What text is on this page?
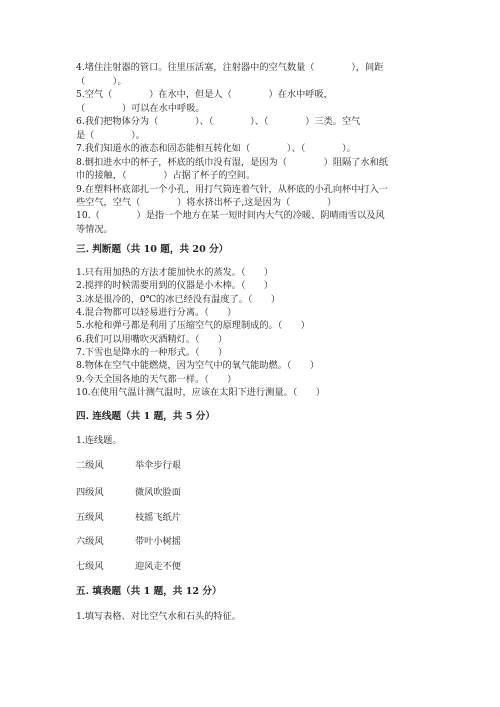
4.堵住注射器的管口。往里压活塞，注射器中的空气数量（　　　　），间距
（　　　）。
5.空气（　　　　）在水中，但是人（　　　　）在水中呼吸，
（　　　　）可以在水中呼吸。
6.我们把物体分为（　　　　）、（　　　　）、（　　　　）三类。空气
是（　　　　）。
7.我们知道水的液态和固态能相互转化如（　　　　）、（　　　　）。
8.倒扣进水中的杯子，杯底的纸巾没有湿，是因为（　　　　）阻隔了水和纸
巾的接触，（　　　　）占据了杯子的空间。
9.在塑料杯底部扎一个小孔，用打气筒连着气针，从杯底的小孔向杯中打入一
些空气，空气（　　　　）将水挤出杯子,这是因为（　　　　）
10.（　　　　）是指一个地方在某一短时间内大气的冷暖、阴晴雨雪以及风
等情况。
三. 判断题（共 10 题，共 20 分）
1.只有用加热的方法才能加快水的蒸发。（　　）
2.搅拌的时候需要用到的仪器是小木棒。（　　）
3.冰是很冷的，0℃的冰已经没有温度了。（　　）
4.混合物都可以轻易进行分离。（　　）
5.水枪和弹弓都是利用了压缩空气的原理制成的。（　　）
6.我们可以用嘴吹灭酒精灯。（　　）
7.下雪也是降水的一种形式。（　　）
8.物体在空气中能燃烧，因为空气中的氧气能助燃。（　　）
9.今天全国各地的天气都一样。（　　）
10.在使用气温计测气温时，应该在太阳下进行测量。（　　）
四. 连线题（共 1 题，共 5 分）
1.连线题。
二级风	举伞步行艰
四级风	微风吹脸面
五级风	枝摇飞纸片
六级风	带叶小树摇
七级风	迎风走不便
五. 填表题（共 1 题，共 12 分）
1.填写表格、对比空气水和石头的特征。
